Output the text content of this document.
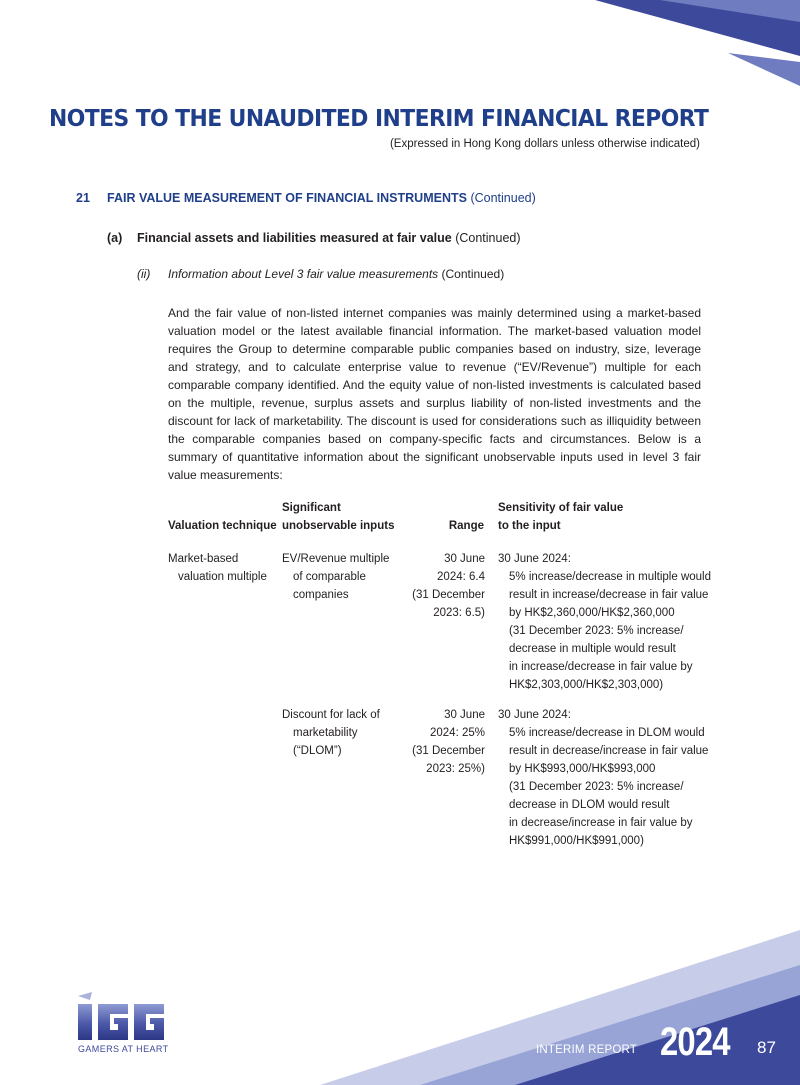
NOTES TO THE UNAUDITED INTERIM FINANCIAL REPORT
(Expressed in Hong Kong dollars unless otherwise indicated)
21 FAIR VALUE MEASUREMENT OF FINANCIAL INSTRUMENTS (Continued)
(a) Financial assets and liabilities measured at fair value (Continued)
(ii) Information about Level 3 fair value measurements (Continued)
And the fair value of non-listed internet companies was mainly determined using a market-based valuation model or the latest available financial information. The market-based valuation model requires the Group to determine comparable public companies based on industry, size, leverage and strategy, and to calculate enterprise value to revenue (“EV/Revenue”) multiple for each comparable company identified. And the equity value of non-listed investments is calculated based on the multiple, revenue, surplus assets and surplus liability of non-listed investments and the discount for lack of marketability. The discount is used for considerations such as illiquidity between the comparable companies based on company-specific facts and circumstances. Below is a summary of quantitative information about the significant unobservable inputs used in level 3 fair value measurements:
Valuation technique
Significant
unobservable inputs	Range
Sensitivity of fair value
to the input
Market-based
valuation multiple
EV/Revenue multiple
of comparable
companies
30 June
2024: 6.4
(31 December
2023: 6.5)
30 June 2024:
5% increase/decrease in multiple would
result in increase/decrease in fair value
by HK$2,360,000/HK$2,360,000
(31 December 2023: 5% increase/
decrease in multiple would result
in increase/decrease in fair value by
HK$2,303,000/HK$2,303,000)
Discount for lack of
marketability
(“DLOM”)
30 June
2024: 25%
(31 December
2023: 25%)
30 June 2024:
5% increase/decrease in DLOM would
result in decrease/increase in fair value
by HK$993,000/HK$993,000
(31 December 2023: 5% increase/
decrease in DLOM would result
in decrease/increase in fair value by
HK$991,000/HK$991,000)
GAMERS AT HEART	INTERIM REPORT 2024 87
